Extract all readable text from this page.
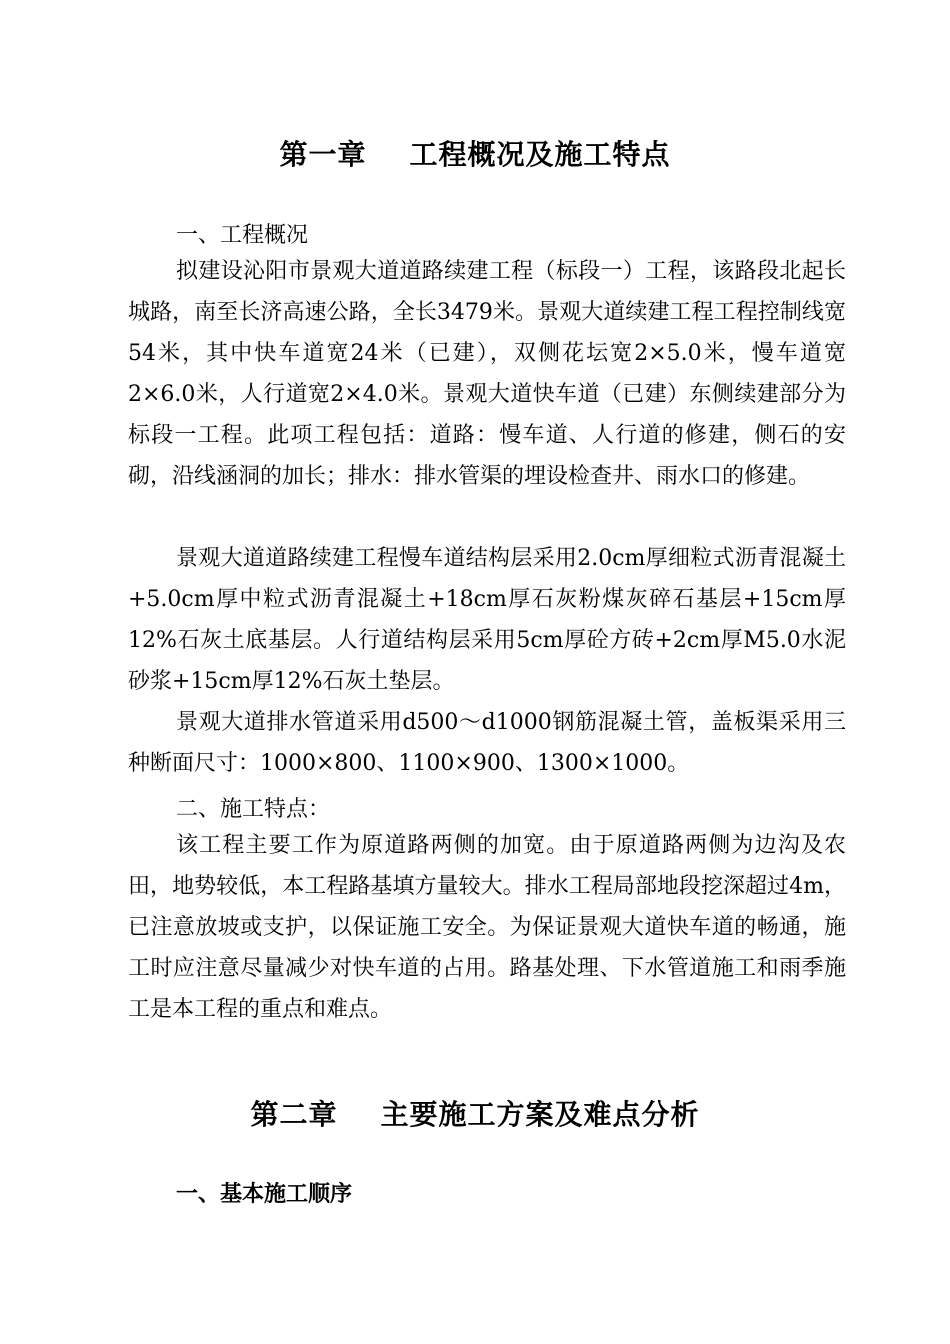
第一章    工程概况及施工特点
一、工程概况

拟建设沁阳市景观大道道路续建工程（标段一）工程，该路段北起长城路，南至长济高速公路，全长3479米。景观大道续建工程工程控制线宽54米，其中快车道宽24米（已建），双侧花坛宽2×5.0米，慢车道宽2×6.0米，人行道宽2×4.0米。景观大道快车道（已建）东侧续建部分为标段一工程。此项工程包括：道路：慢车道、人行道的修建，侧石的安砌，沿线涵洞的加长；排水：排水管渠的埋设检查井、雨水口的修建。

景观大道道路续建工程慢车道结构层采用2.0cm厚细粒式沥青混凝土+5.0cm厚中粒式沥青混凝土+18cm厚石灰粉煤灰碎石基层+15cm厚12%石灰土底基层。人行道结构层采用5cm厚砼方砖+2cm厚M5.0水泥砂浆+15cm厚12%石灰土垫层。

景观大道排水管道采用d500～d1000钢筋混凝土管，盖板渠采用三种断面尺寸：1000×800、1100×900、1300×1000。

二、施工特点：

该工程主要工作为原道路两侧的加宽。由于原道路两侧为边沟及农田，地势较低，本工程路基填方量较大。排水工程局部地段挖深超过4m，已注意放坡或支护，以保证施工安全。为保证景观大道快车道的畅通，施工时应注意尽量减少对快车道的占用。路基处理、下水管道施工和雨季施工是本工程的重点和难点。

第二章    主要施工方案及难点分析
一、基本施工顺序
